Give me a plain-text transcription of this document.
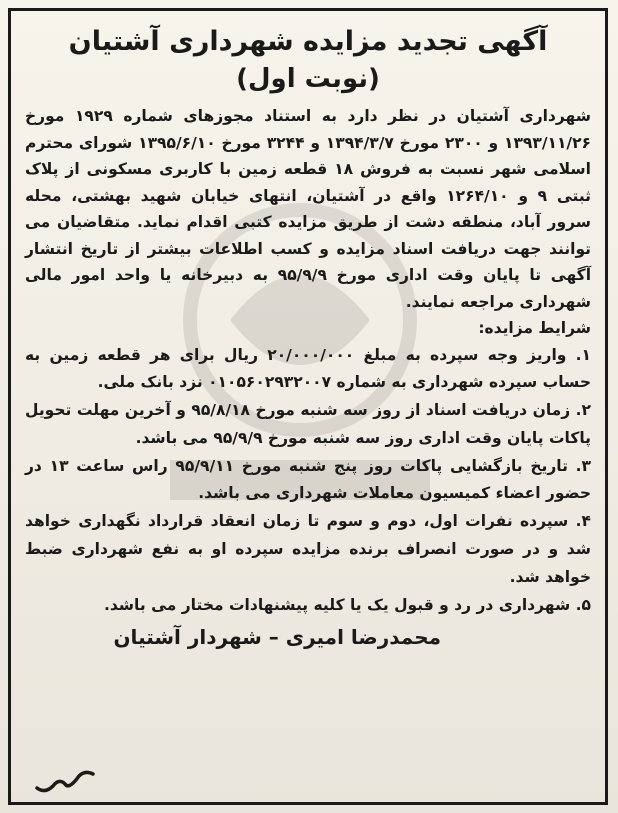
آگهی تجدید مزایده شهرداری آشتیان
(نوبت اول)

شهرداری آشتیان در نظر دارد به استناد مجوزهای شماره ۱۹۲۹ مورخ ۱۳۹۳/۱۱/۲۶ و ۲۳۰۰ مورخ ۱۳۹۴/۳/۷ و ۳۲۴۴ مورخ ۱۳۹۵/۶/۱۰ شورای محترم اسلامی شهر نسبت به فروش ۱۸ قطعه زمین با کاربری مسکونی از پلاک ثبتی ۹ و ۱۲۶۴/۱۰ واقع در آشتیان، انتهای خیابان شهید بهشتی، محله سرور آباد، منطقه دشت از طریق مزایده کتبی اقدام نماید. متقاضیان می توانند جهت دریافت اسناد مزایده و کسب اطلاعات بیشتر از تاریخ انتشار آگهی تا پایان وقت اداری مورخ ۹۵/۹/۹ به دبیرخانه یا واحد امور مالی شهرداری مراجعه نمایند.

شرایط مزایده:
۱. واریز وجه سپرده به مبلغ ۲۰/۰۰۰/۰۰۰ ریال برای هر قطعه زمین به حساب سپرده شهرداری به شماره ۰۱۰۵۶۰۲۹۳۲۰۰۷ نزد بانک ملی.
۲. زمان دریافت اسناد از روز سه شنبه مورخ ۹۵/۸/۱۸ و آخرین مهلت تحویل پاکات پایان وقت اداری روز سه شنبه مورخ ۹۵/۹/۹ می باشد.
۳. تاریخ بازگشایی پاکات روز پنج شنبه مورخ ۹۵/۹/۱۱ راس ساعت ۱۳ در حضور اعضاء کمیسیون معاملات شهرداری می باشد.
۴. سپرده نفرات اول، دوم و سوم تا زمان انعقاد قرارداد نگهداری خواهد شد و در صورت انصراف برنده مزایده سپرده او به نفع شهرداری ضبط خواهد شد.
۵. شهرداری در رد و قبول یک یا کلیه پیشنهادات مختار می باشد.
محمدرضا امیری – شهردار آشتیان
